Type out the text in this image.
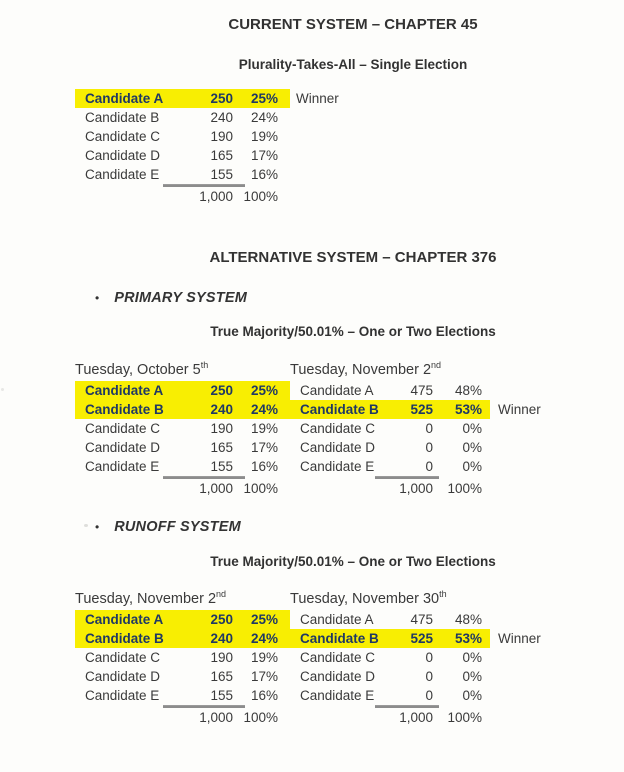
CURRENT SYSTEM – CHAPTER 45
Plurality-Takes-All – Single Election
Candidate A	250	25%	Winner
Candidate B	240	24%
Candidate C	190	19%
Candidate D	165	17%
Candidate E	155	16%
1,000 100%
ALTERNATIVE SYSTEM – CHAPTER 376
• PRIMARY SYSTEM
True Majority/50.01% – One or Two Elections
Tuesday, October 5th
Candidate A	250	25%
Candidate B	240	24%
Candidate C	190	19%
Candidate D	165	17%
Candidate E	155	16%
1,000 100%
Tuesday, November 2nd
Candidate A	475	48%
Candidate B	525	53%	Winner
Candidate C	0	0%
Candidate D	0	0%
Candidate E	0	0%
1,000	100%
• RUNOFF SYSTEM
True Majority/50.01% – One or Two Elections
Tuesday, November 2nd
Candidate A	250	25%
Candidate B	240	24%
Candidate C	190	19%
Candidate D	165	17%
Candidate E	155	16%
1,000 100%
Tuesday, November 30th
Candidate A	475	48%
Candidate B	525	53%	Winner
Candidate C	0	0%
Candidate D	0	0%
Candidate E	0	0%
1,000	100%
